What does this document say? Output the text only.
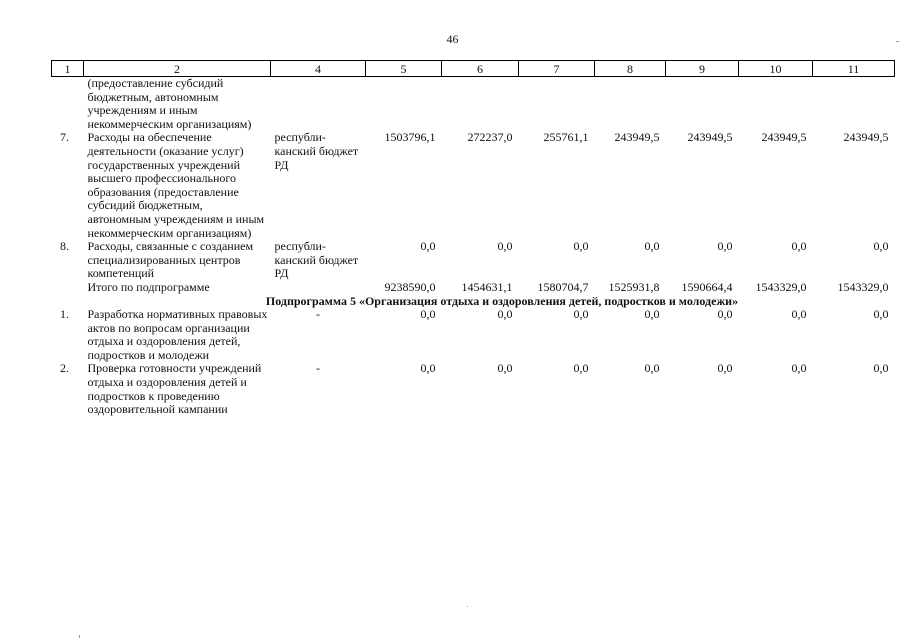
46
1	2	4	5	6	7	8	9	10	11
	(предоставление субсидий бюджетным, автономным учреждениям и иным некоммерческим организациям)								
7.	Расходы на обеспечение деятельности (оказание услуг) государственных учреждений высшего профессионального образования (предоставление субсидий бюджетным, автономным учреждениям и иным некоммерческим организациям)	республи-канский бюджет РД	1503796,1	272237,0	255761,1	243949,5	243949,5	243949,5	243949,5
8.	Расходы, связанные с созданием специализированных центров компетенций	республи-канский бюджет РД	0,0	0,0	0,0	0,0	0,0	0,0	0,0
	Итого по подпрограмме		9238590,0	1454631,1	1580704,7	1525931,8	1590664,4	1543329,0	1543329,0
Подпрограмма 5 «Организация отдыха и оздоровления детей, подростков и молодежи»									
1.	Разработка нормативных правовых актов по вопросам организации отдыха и оздоровления детей, подростков и молодежи	-	0,0	0,0	0,0	0,0	0,0	0,0	0,0
2.	Проверка готовности учреждений отдыха и оздоровления детей и подростков к проведению оздоровительной кампании	-	0,0	0,0	0,0	0,0	0,0	0,0	0,0
